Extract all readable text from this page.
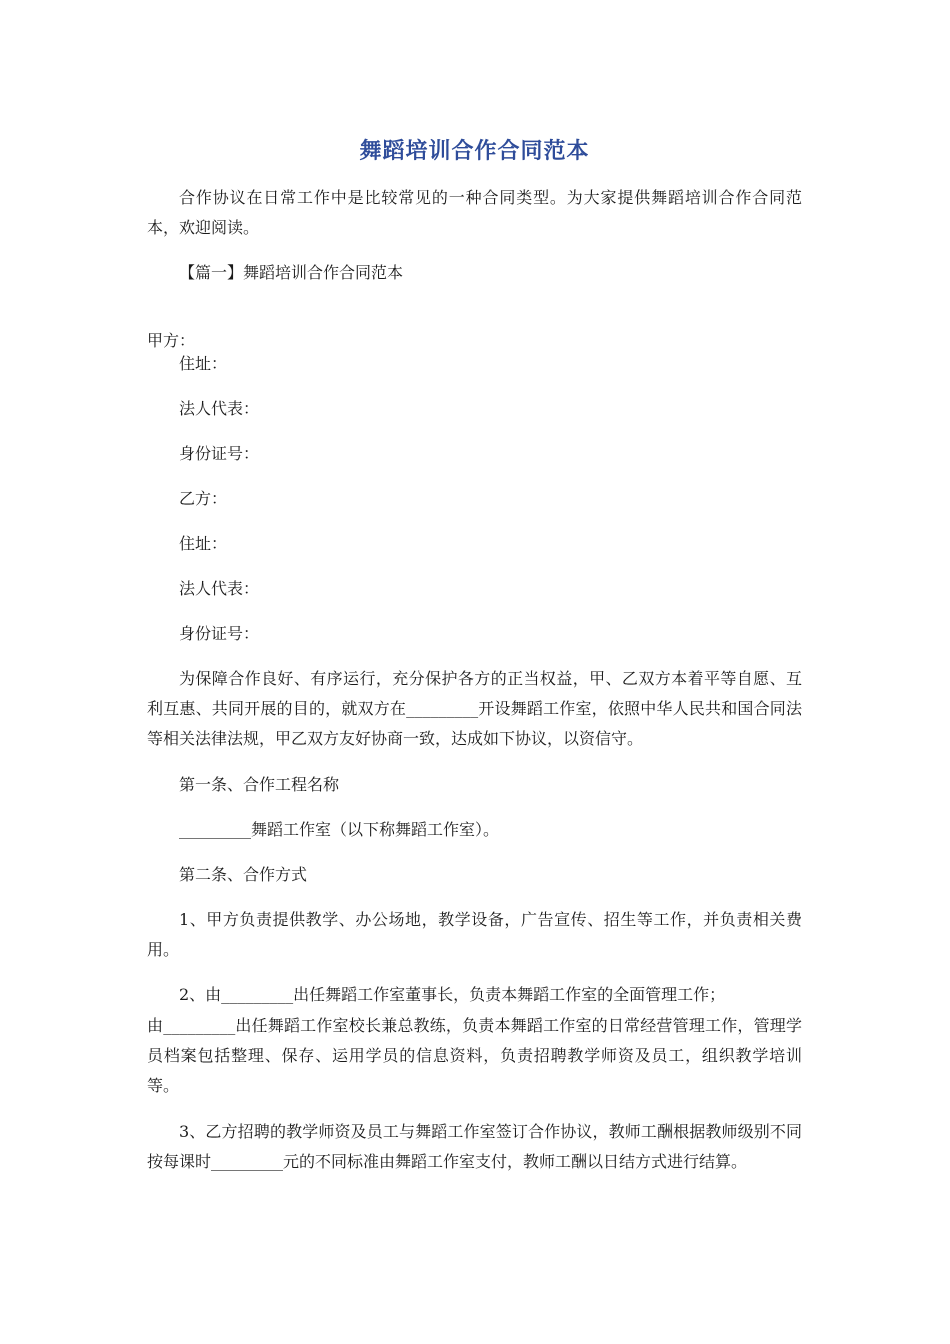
舞蹈培训合作合同范本
合作协议在日常工作中是比较常见的一种合同类型。为大家提供舞蹈培训合作合同范本，欢迎阅读。
【篇一】舞蹈培训合作合同范本
甲方：
住址：
法人代表：
身份证号：
乙方：
住址：
法人代表：
身份证号：
为保障合作良好、有序运行，充分保护各方的正当权益，甲、乙双方本着平等自愿、互利互惠、共同开展的目的，就双方在_________开设舞蹈工作室，依照中华人民共和国合同法等相关法律法规，甲乙双方友好协商一致，达成如下协议，以资信守。
第一条、合作工程名称
_________舞蹈工作室（以下称舞蹈工作室）。
第二条、合作方式
1、甲方负责提供教学、办公场地，教学设备，广告宣传、招生等工作，并负责相关费用。
2、由_________出任舞蹈工作室董事长，负责本舞蹈工作室的全面管理工作；
由_________出任舞蹈工作室校长兼总教练，负责本舞蹈工作室的日常经营管理工作，管理学员档案包括整理、保存、运用学员的信息资料，负责招聘教学师资及员工，组织教学培训等。
3、乙方招聘的教学师资及员工与舞蹈工作室签订合作协议，教师工酬根据教师级别不同按每课时_________元的不同标准由舞蹈工作室支付，教师工酬以日结方式进行结算。
